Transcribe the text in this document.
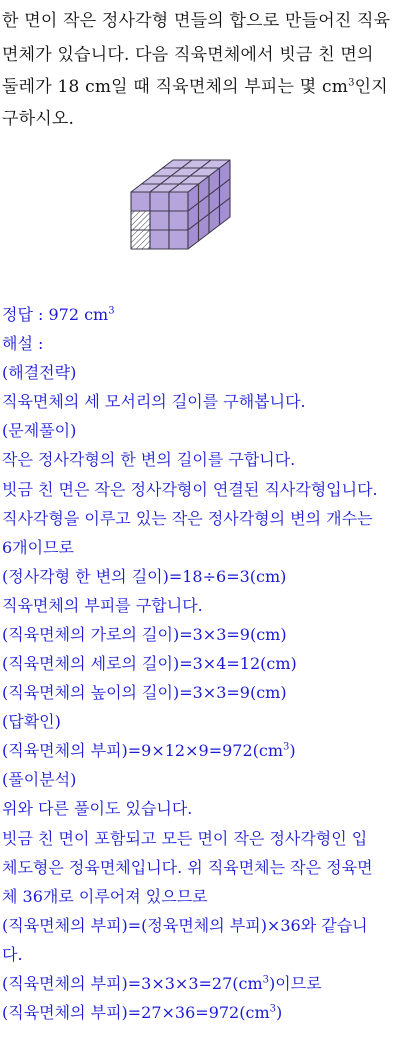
한 면이 작은 정사각형 면들의 합으로 만들어진 직육
면체가 있습니다. 다음 직육면체에서 빗금 친 면의
둘레가 18 cm일 때 직육면체의 부피는 몇 $cm^3$인지
구하시오.
정답 : 972 $cm^3$
해설 :
(해결전략)
직육면체의 세 모서리의 길이를 구해봅니다.
(문제풀이)
작은 정사각형의 한 변의 길이를 구합니다.
빗금 친 면은 작은 정사각형이 연결된 직사각형입니다.
직사각형을 이루고 있는 작은 정사각형의 변의 개수는
6개이므로
(정사각형 한 변의 길이)=18÷6=3(cm)
직육면체의 부피를 구합니다.
(직육면체의 가로의 길이)=3×3=9(cm)
(직육면체의 세로의 길이)=3×4=12(cm)
(직육면체의 높이의 길이)=3×3=9(cm)
(답확인)
(직육면체의 부피)$=9\times 12\times 9=972(cm^3)$
(풀이분석)
위와 다른 풀이도 있습니다.
빗금 친 면이 포함되고 모든 면이 작은 정사각형인 입
체도형은 정육면체입니다. 위 직육면체는 작은 정육면
체 36개로 이루어져 있으므로
(직육면체의 부피)=(정육면체의 부피)×36와 같습니
다.
(직육면체의 부피)$=3\times 3\times 3=27(cm^3)$이므로
(직육면체의 부피)$=27\times 36=972(cm^3)$
